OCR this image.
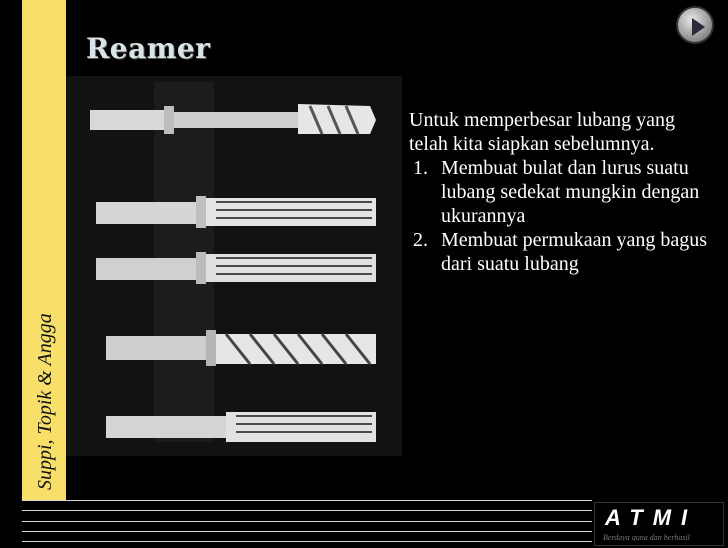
Suppi, Topik & Angga
Reamer

Untuk memperbesar lubang yang telah kita siapkan sebelumnya.

1. Membuat bulat dan lurus suatu lubang sedekat mungkin dengan ukurannya
2. Membuat permukaan yang bagus dari suatu lubang
ATMI
Berdaya guna dan berhasil
